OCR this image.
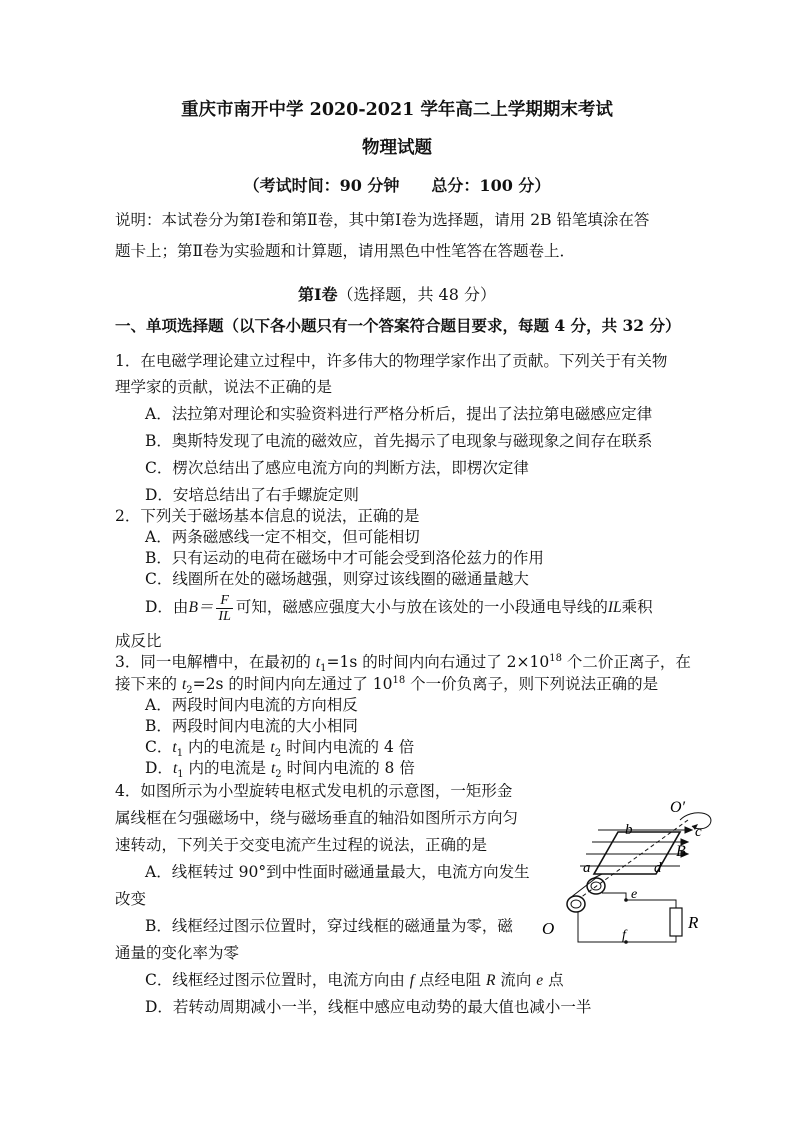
重庆市南开中学 2020-2021 学年高二上学期期末考试
物理试题
（考试时间：90 分钟　　总分：100 分）
说明：本试卷分为第Ⅰ卷和第Ⅱ卷，其中第Ⅰ卷为选择题，请用 2B 铅笔填涂在答
题卡上；第Ⅱ卷为实验题和计算题，请用黑色中性笔答在答题卷上．
第Ⅰ卷（选择题，共 48 分）
一、单项选择题（以下各小题只有一个答案符合题目要求，每题 4 分，共 32 分）
1．在电磁学理论建立过程中，许多伟大的物理学家作出了贡献。下列关于有关物
理学家的贡献，说法不正确的是
A．法拉第对理论和实验资料进行严格分析后，提出了法拉第电磁感应定律
B．奥斯特发现了电流的磁效应，首先揭示了电现象与磁现象之间存在联系
C．楞次总结出了感应电流方向的判断方法，即楞次定律
D．安培总结出了右手螺旋定则
2．下列关于磁场基本信息的说法，正确的是
A．两条磁感线一定不相交，但可能相切
B．只有运动的电荷在磁场中才可能会受到洛伦兹力的作用
C．线圈所在处的磁场越强，则穿过该线圈的磁通量越大
D．由$B= \frac{F}{IL}$ 可知，磁感应强度大小与放在该处的一小段通电导线的IL乘积
成反比
3．同一电解槽中，在最初的 $t_1=1s$ 的时间内向右通过了 $2\times 10^{18}$ 个二价正离子，在
接下来的 $t_2=2s$ 的时间内向左通过了 $10^{18}$ 个一价负离子，则下列说法正确的是
A．两段时间内电流的方向相反
B．两段时间内电流的大小相同
C．$t_1$ 内的电流是 $t_2$ 时间内电流的 4 倍
D．$t_1$ 内的电流是 $t_2$ 时间内电流的 8 倍
4．如图所示为小型旋转电枢式发电机的示意图，一矩形金
属线框在匀强磁场中，绕与磁场垂直的轴沿如图所示方向匀
速转动，下列关于交变电流产生过程的说法，正确的是
A．线框转过 90°到中性面时磁通量最大，电流方向发生
改变
B．线框经过图示位置时，穿过线框的磁通量为零，磁
通量的变化率为零
C．线框经过图示位置时，电流方向由 f 点经电阻 R 流向 e 点
D．若转动周期减小一半，线框中感应电动势的最大值也减小一半
O′
b	c
B
a	d
e
R
O	f
